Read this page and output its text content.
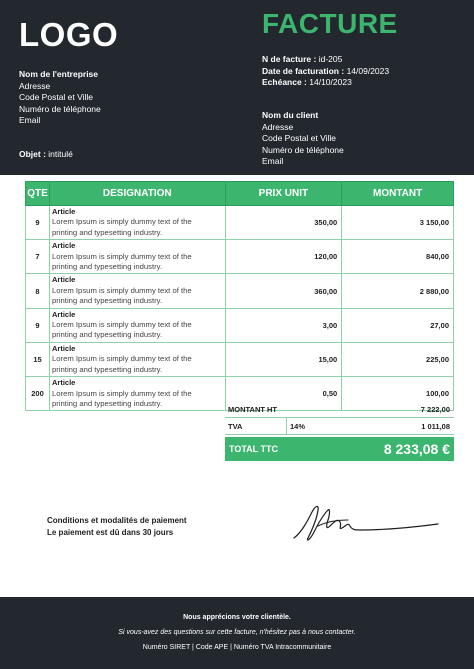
LOGO	FACTURE
Nom de l'entreprise
Adresse
Code Postal et Ville
Numéro de téléphone
Email
N de facture : id-205
Date de facturation : 14/09/2023
Echéance : 14/10/2023
Nom du client
Adresse
Code Postal et Ville
Numéro de téléphone
Email
Objet : intitulé
QTE	DESIGNATION	PRIX UNIT	MONTANT
9	Article
Lorem Ipsum is simply dummy text of the
printing and typesetting industry.	350,00	3 150,00
7	Article
Lorem Ipsum is simply dummy text of the
printing and typesetting industry.	120,00	840,00
8	Article
Lorem Ipsum is simply dummy text of the
printing and typesetting industry.	360,00	2 880,00
9	Article
Lorem Ipsum is simply dummy text of the
printing and typesetting industry.	3,00	27,00
15	Article
Lorem Ipsum is simply dummy text of the
printing and typesetting industry.	15,00	225,00
200	Article
Lorem Ipsum is simply dummy text of the
printing and typesetting industry.	0,50	100,00
MONTANT HT	7 222,00
TVA	14%	1 011,08
TOTAL TTC	8 233,08 €
Conditions et modalités de paiement
Le paiement est dû dans 30 jours
Nous apprécions votre clientèle.
Si vous-avez des questions sur cette facture, n'hésitez pas à nous contacter.
Numéro SIRET | Code APE | Numéro TVA Intracommunitaire
